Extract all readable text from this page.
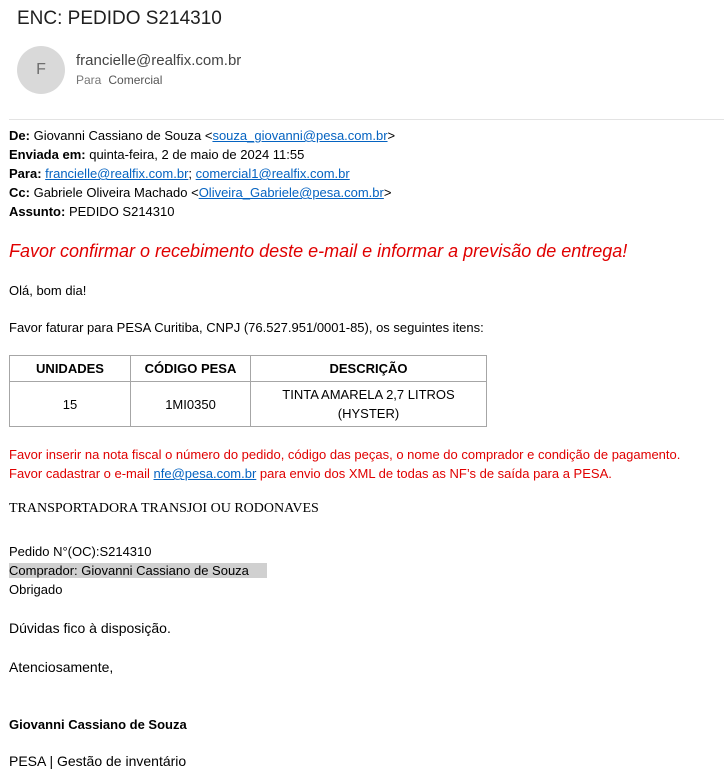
ENC: PEDIDO S214310
F
francielle@realfix.com.br
Para Comercial
De: Giovanni Cassiano de Souza <souza_giovanni@pesa.com.br>
Enviada em: quinta-feira, 2 de maio de 2024 11:55
Para: francielle@realfix.com.br; comercial1@realfix.com.br
Cc: Gabriele Oliveira Machado <Oliveira_Gabriele@pesa.com.br>
Assunto: PEDIDO S214310
Favor confirmar o recebimento deste e-mail e informar a previsão de entrega!

Olá, bom dia!

Favor faturar para PESA Curitiba, CNPJ (76.527.951/0001-85), os seguintes itens:

UNIDADES	CÓDIGO PESA	DESCRIÇÃO
15	1MI0350	TINTA AMARELA 2,7 LITROS (HYSTER)

Favor inserir na nota fiscal o número do pedido, código das peças, o nome do comprador e condição de pagamento.

Favor cadastrar o e-mail nfe@pesa.com.br para envio dos XML de todas as NF’s de saída para a PESA.

TRANSPORTADORA TRANSJOI OU RODONAVES

Pedido N°(OC):S214310

Comprador: Giovanni Cassiano de Souza

Obrigado

Dúvidas fico à disposição.

Atenciosamente,

Giovanni Cassiano de Souza

PESA | Gestão de inventário
